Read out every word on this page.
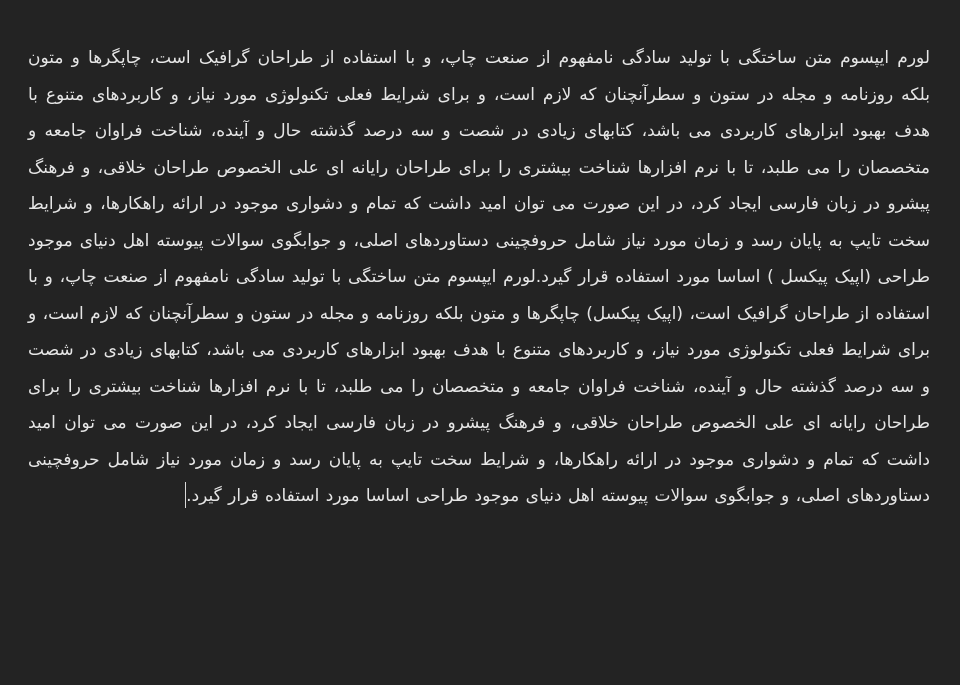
لورم ایپسوم متن ساختگی با تولید سادگی نامفهوم از صنعت چاپ، و با استفاده از طراحان گرافیک است، چاپگرها و متون بلکه روزنامه و مجله در ستون و سطرآنچنان که لازم است، و برای شرایط فعلی تکنولوژی مورد نیاز، و کاربردهای متنوع با هدف بهبود ابزارهای کاربردی می باشد، کتابهای زیادی در شصت و سه درصد گذشته حال و آینده، شناخت فراوان جامعه و متخصصان را می طلبد، تا با نرم افزارها شناخت بیشتری را برای طراحان رایانه ای علی الخصوص طراحان خلاقی، و فرهنگ پیشرو در زبان فارسی ایجاد کرد، در این صورت می توان امید داشت که تمام و دشواری موجود در ارائه راهکارها، و شرایط سخت تایپ به پایان رسد و زمان مورد نیاز شامل حروفچینی دستاوردهای اصلی، و جوابگوی سوالات پیوسته اهل دنیای موجود طراحی (اپیک پیکسل ) اساسا مورد استفاده قرار گیرد.لورم ایپسوم متن ساختگی با تولید سادگی نامفهوم از صنعت چاپ، و با استفاده از طراحان گرافیک است، (اپیک پیکسل) چاپگرها و متون بلکه روزنامه و مجله در ستون و سطرآنچنان که لازم است، و برای شرایط فعلی تکنولوژی مورد نیاز، و کاربردهای متنوع با هدف بهبود ابزارهای کاربردی می باشد، کتابهای زیادی در شصت و سه درصد گذشته حال و آینده، شناخت فراوان جامعه و متخصصان را می طلبد، تا با نرم افزارها شناخت بیشتری را برای طراحان رایانه ای علی الخصوص طراحان خلاقی، و فرهنگ پیشرو در زبان فارسی ایجاد کرد، در این صورت می توان امید داشت که تمام و دشواری موجود در ارائه راهکارها، و شرایط سخت تایپ به پایان رسد و زمان مورد نیاز شامل حروفچینی دستاوردهای اصلی، و جوابگوی سوالات پیوسته اهل دنیای موجود طراحی اساسا مورد استفاده قرار گیرد.
